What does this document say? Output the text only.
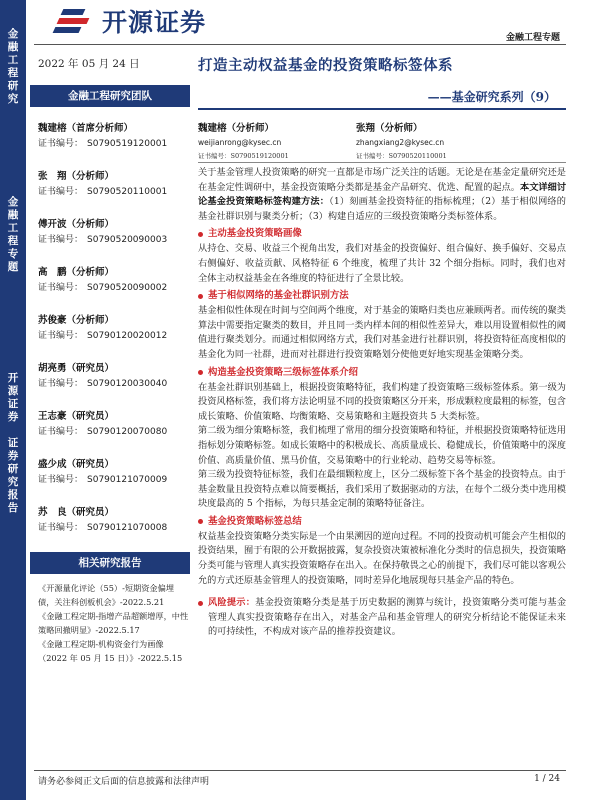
金
融
工
程
研
究
金
融
工
程
专
题
开
源
证
券

证
券
研
究
报
告
开源证券
金融工程专题
2022 年 05 月 24 日	打造主动权益基金的投资策略标签体系
——基金研究系列（9）
金融工程研究团队
魏建榕（首席分析师）
证书编号： S0790519120001
张　翔（分析师）
证书编号： S0790520110001
傅开波（分析师）
证书编号： S0790520090003
高　鹏（分析师）
证书编号： S0790520090002
苏俊豪（分析师）
证书编号： S0790120020012
胡亮勇（研究员）
证书编号： S0790120030040
王志豪（研究员）
证书编号： S0790120070080
盛少成（研究员）
证书编号： S0790121070009
苏　良（研究员）
证书编号： S0790121070008
相关研究报告

《开源量化评论（55）-短期资金偏埋债，关注科创板机会》-2022.5.21

《金融工程定期-指增产品超额增厚，中性策略回撤明显》-2022.5.17

《金融工程定期-机构资金行为画像（2022 年 05 月 15 日）》-2022.5.15

魏建榕（分析师）
weijianrong@kysec.cn
证书编号：S0790519120001
张翔（分析师）
zhangxiang2@kysec.cn
证书编号：S0790520110001

关于基金管理人投资策略的研究一直都是市场广泛关注的话题。无论是在基金定量研究还是在基金定性调研中，基金投资策略分类都是基金产品研究、优选、配置的起点。本文详细讨论基金投资策略标签构建方法：（1）刻画基金投资特征的指标梳理；（2）基于相似网络的基金社群识别与聚类分析；（3）构建自适应的三级投资策略分类标签体系。

主动基金投资策略画像

从持仓、交易、收益三个视角出发，我们对基金的投资偏好、组合偏好、换手偏好、交易点右侧偏好、收益贡献、风格特征 6 个维度，梳理了共计 32 个细分指标。同时，我们也对全体主动权益基金在各维度的特征进行了全景比较。

基于相似网络的基金社群识别方法

基金相似性体现在时间与空间两个维度，对于基金的策略归类也应兼顾两者。而传统的聚类算法中需要指定聚类的数目，并且同一类内样本间的相似性差异大，难以用设置相似性的阈值进行聚类划分。而通过相似网络方式，我们对基金进行社群识别，将投资特征高度相似的基金化为同一社群，进而对社群进行投资策略划分使他更好地实现基金策略分类。

构造基金投资策略三级标签体系介绍

在基金社群识别基础上，根据投资策略特征，我们构建了投资策略三级标签体系。第一级为投资风格标签，我们将方法论明显不同的投资策略区分开来，形成颗粒度最粗的标签，包含成长策略、价值策略、均衡策略、交易策略和主题投资共 5 大类标签。

第二级为细分策略标签，我们梳理了常用的细分投资策略和特征，并根据投资策略特征选用指标划分策略标签。如成长策略中的积极成长、高质量成长、稳健成长，价值策略中的深度价值、高质量价值、黑马价值，交易策略中的行业轮动、趋势交易等标签。

第三级为投资特征标签，我们在最细颗粒度上，区分二级标签下各个基金的投资特点。由于基金数量且投资特点难以简要概括，我们采用了数据驱动的方法，在每个二级分类中选用模块度最高的 5 个指标，为每只基金定制的策略特征备注。

基金投资策略标签总结

权益基金投资策略分类实际是一个由果溯因的逆向过程。不同的投资动机可能会产生相似的投资结果，囿于有限的公开数据披露，复杂投资决策被标准化分类时的信息损失，投资策略分类可能与管理人真实投资策略存在出入。在保持敬畏之心的前提下，我们尽可能以客观公允的方式还原基金管理人的投资策略，同时差异化地展现每只基金产品的特色。

风险提示：基金投资策略分类是基于历史数据的测算与统计，投资策略分类可能与基金管理人真实投资策略存在出入，对基金产品和基金管理人的研究分析结论不能保证未来的可持续性，不构成对该产品的推荐投资建议。

请务必参阅正文后面的信息披露和法律声明	1 / 24
